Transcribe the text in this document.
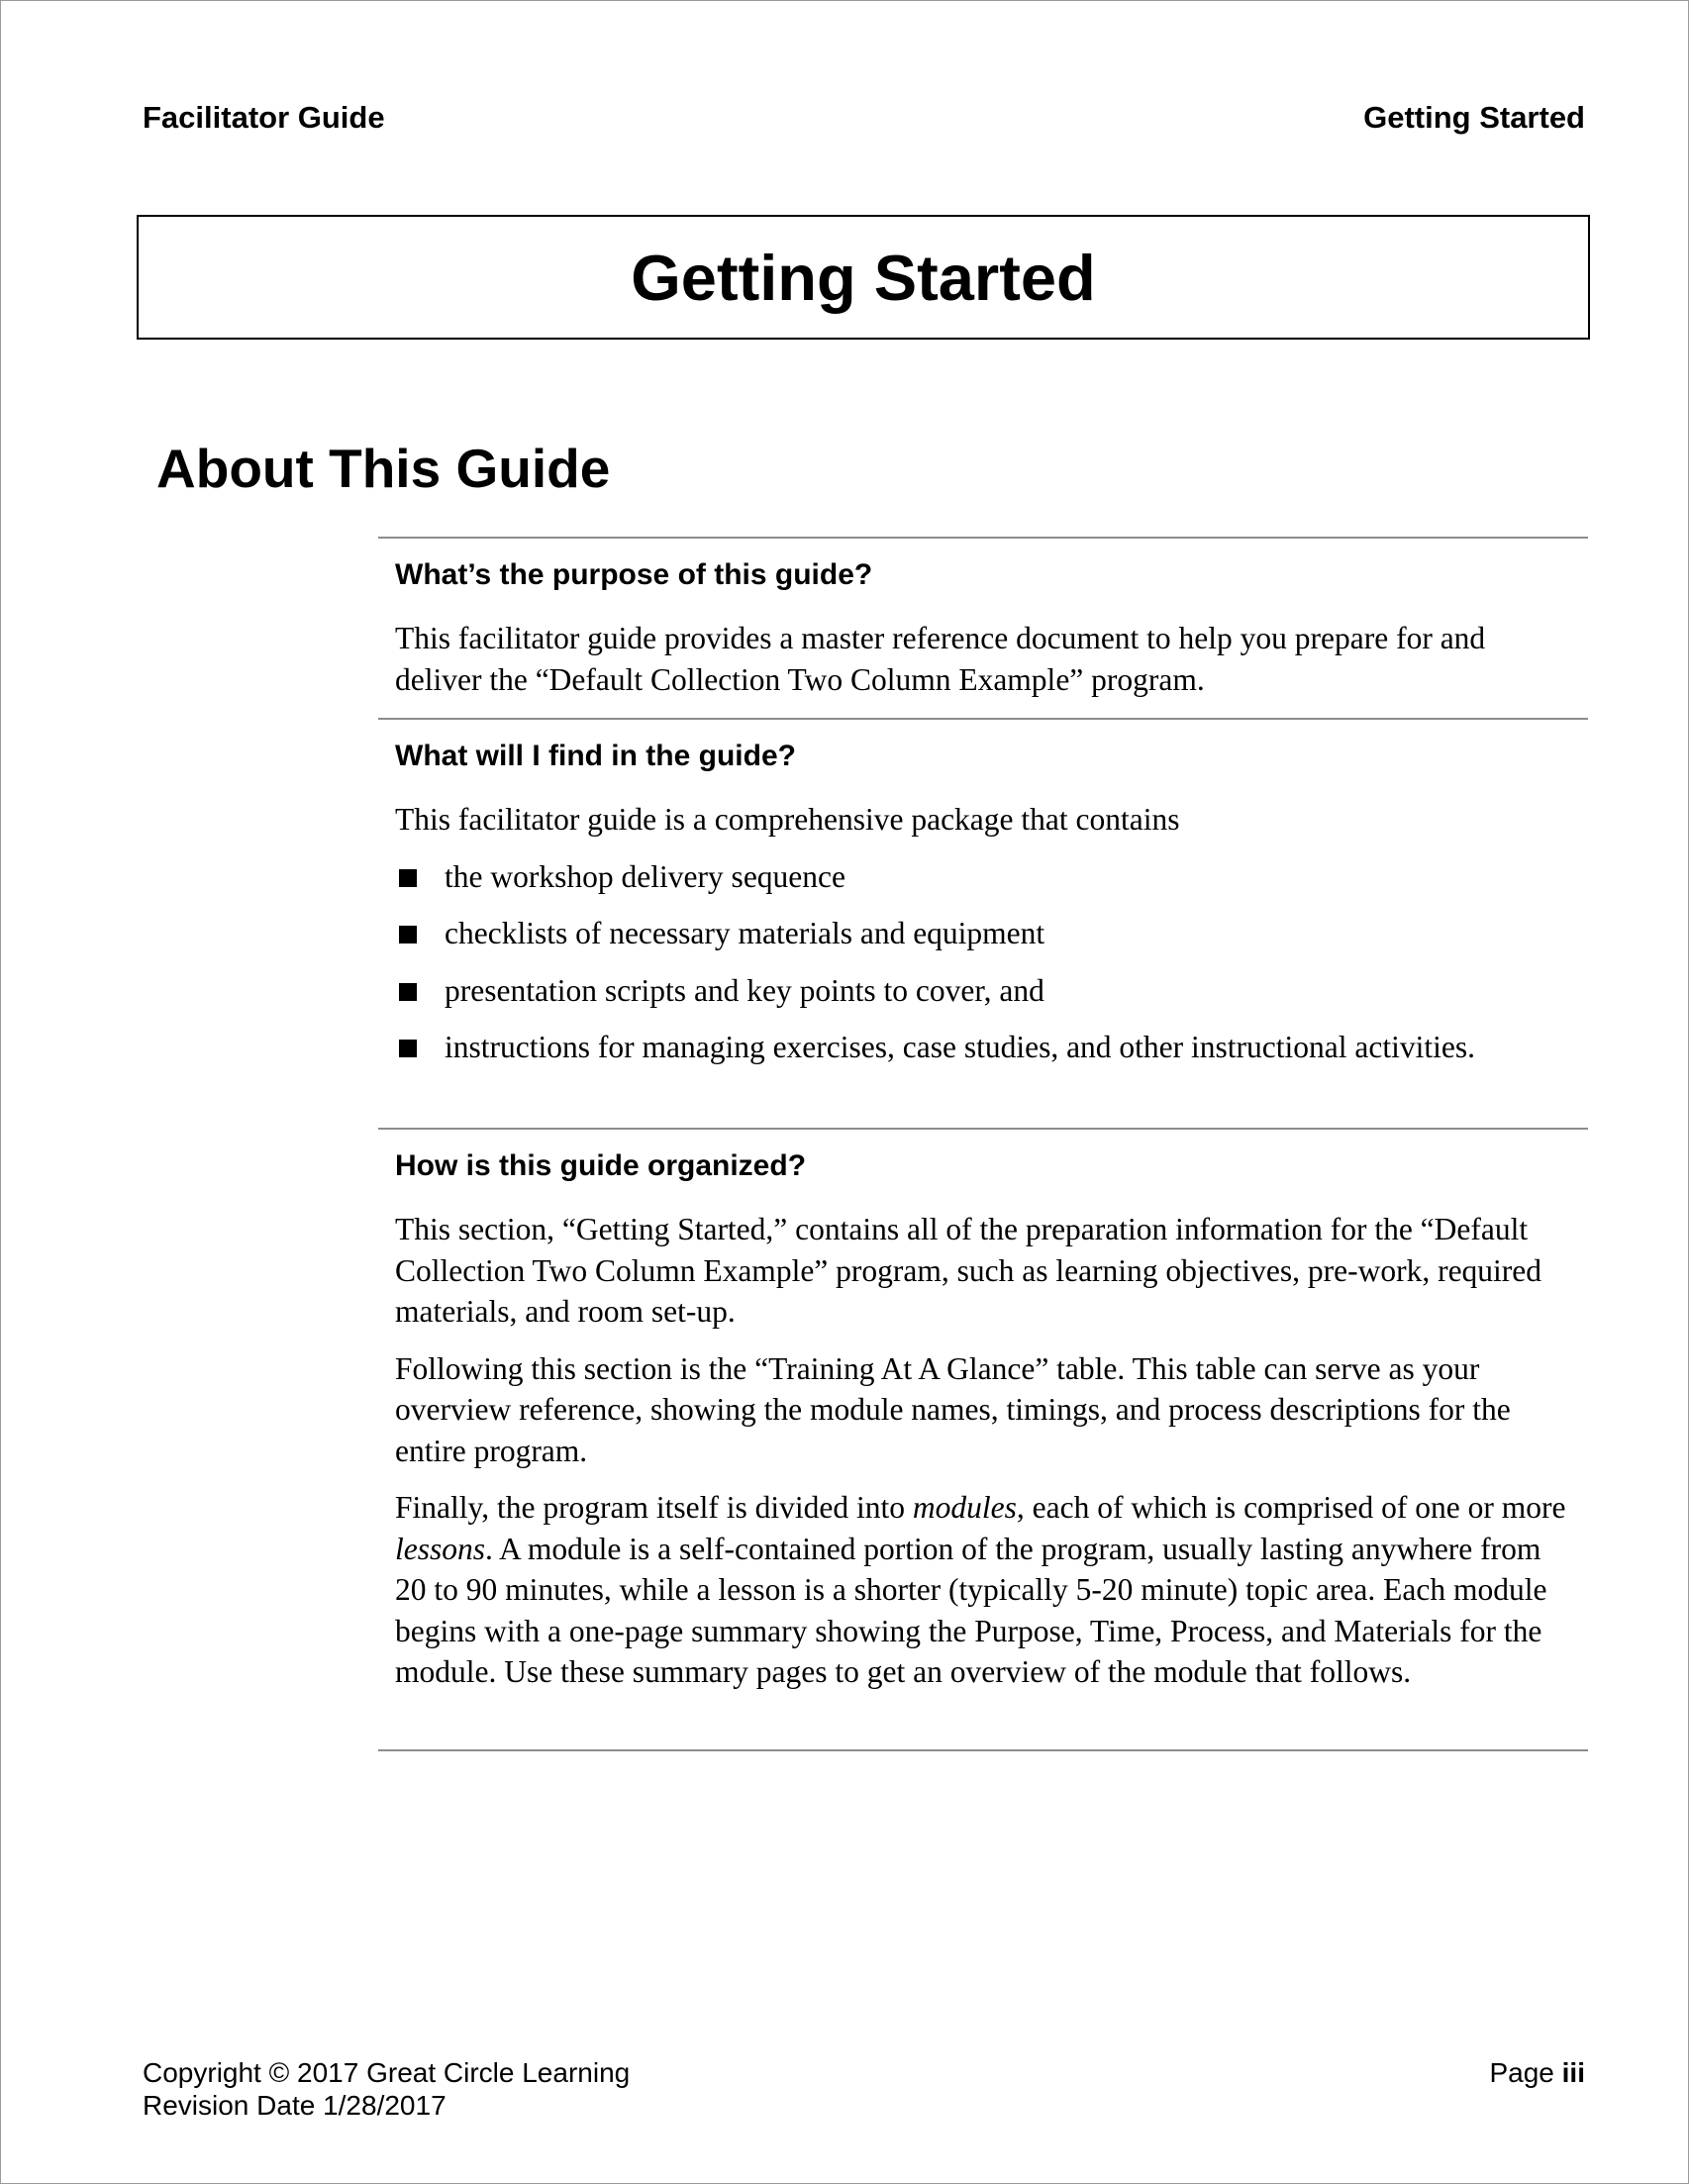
Facilitator Guide	Getting Started
Getting Started
About This Guide

What’s the purpose of this guide?

This facilitator guide provides a master reference document to help you prepare for and deliver the “Default Collection Two Column Example” program.

What will I find in the guide?

This facilitator guide is a comprehensive package that contains

the workshop delivery sequence
checklists of necessary materials and equipment
presentation scripts and key points to cover, and
instructions for managing exercises, case studies, and other instructional activities.

How is this guide organized?

This section, “Getting Started,” contains all of the preparation information for the “Default Collection Two Column Example” program, such as learning objectives, pre-work, required materials, and room set-up.

Following this section is the “Training At A Glance” table. This table can serve as your overview reference, showing the module names, timings, and process descriptions for the entire program.

Finally, the program itself is divided into modules, each of which is comprised of one or more lessons. A module is a self-contained portion of the program, usually lasting anywhere from 20 to 90 minutes, while a lesson is a shorter (typically 5-20 minute) topic area. Each module begins with a one-page summary showing the Purpose, Time, Process, and Materials for the module. Use these summary pages to get an overview of the module that follows.

Copyright © 2017 Great Circle Learning
Revision Date 1/28/2017
Page iii
